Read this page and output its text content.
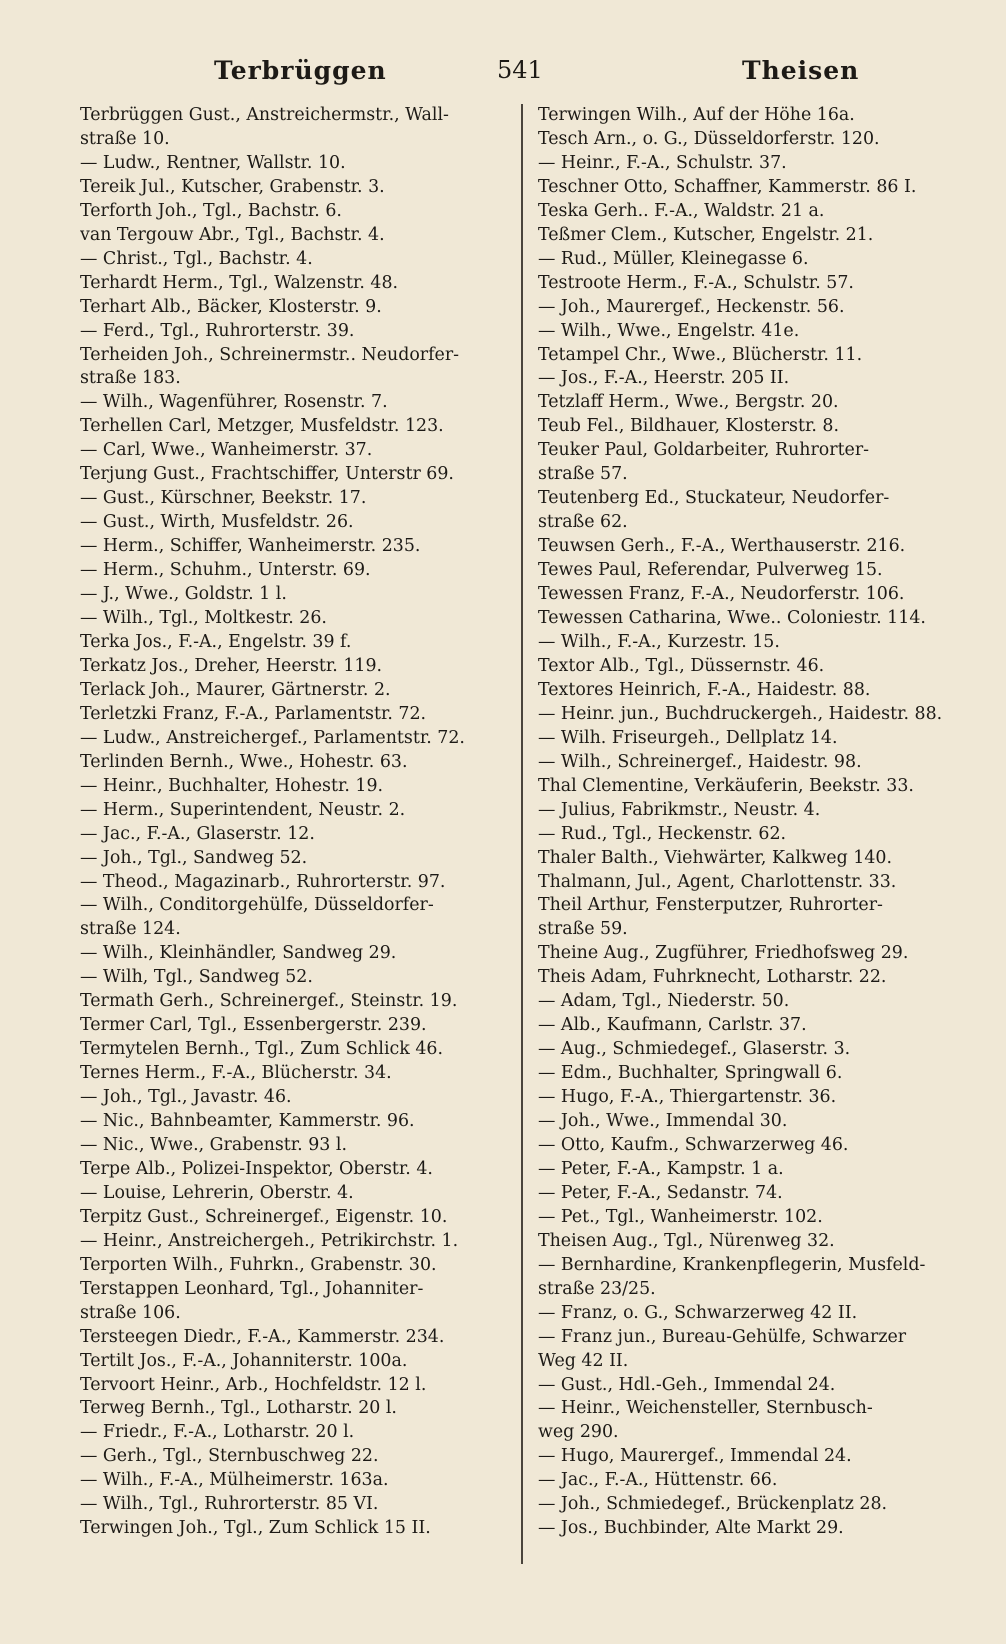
Terbrüggen	541	Theisen
Terbrüggen Gust., Anstreichermstr., Wall-
straße 10.
— Ludw., Rentner, Wallstr. 10.
Tereik Jul., Kutscher, Grabenstr. 3.
Terforth Joh., Tgl., Bachstr. 6.
van Tergouw Abr., Tgl., Bachstr. 4.
— Christ., Tgl., Bachstr. 4.
Terhardt Herm., Tgl., Walzenstr. 48.
Terhart Alb., Bäcker, Klosterstr. 9.
— Ferd., Tgl., Ruhrorterstr. 39.
Terheiden Joh., Schreinermstr.. Neudorfer-
straße 183.
— Wilh., Wagenführer, Rosenstr. 7.
Terhellen Carl, Metzger, Musfeldstr. 123.
— Carl, Wwe., Wanheimerstr. 37.
Terjung Gust., Frachtschiffer, Unterstr 69.
— Gust., Kürschner, Beekstr. 17.
— Gust., Wirth, Musfeldstr. 26.
— Herm., Schiffer, Wanheimerstr. 235.
— Herm., Schuhm., Unterstr. 69.
— J., Wwe., Goldstr. 1 l.
— Wilh., Tgl., Moltkestr. 26.
Terka Jos., F.-A., Engelstr. 39 f.
Terkatz Jos., Dreher, Heerstr. 119.
Terlack Joh., Maurer, Gärtnerstr. 2.
Terletzki Franz, F.-A., Parlamentstr. 72.
— Ludw., Anstreichergef., Parlamentstr. 72.
Terlinden Bernh., Wwe., Hohestr. 63.
— Heinr., Buchhalter, Hohestr. 19.
— Herm., Superintendent, Neustr. 2.
— Jac., F.-A., Glaserstr. 12.
— Joh., Tgl., Sandweg 52.
— Theod., Magazinarb., Ruhrorterstr. 97.
— Wilh., Conditorgehülfe, Düsseldorfer-
straße 124.
— Wilh., Kleinhändler, Sandweg 29.
— Wilh, Tgl., Sandweg 52.
Termath Gerh., Schreinergef., Steinstr. 19.
Termer Carl, Tgl., Essenbergerstr. 239.
Termytelen Bernh., Tgl., Zum Schlick 46.
Ternes Herm., F.-A., Blücherstr. 34.
— Joh., Tgl., Javastr. 46.
— Nic., Bahnbeamter, Kammerstr. 96.
— Nic., Wwe., Grabenstr. 93 l.
Terpe Alb., Polizei-Inspektor, Oberstr. 4.
— Louise, Lehrerin, Oberstr. 4.
Terpitz Gust., Schreinergef., Eigenstr. 10.
— Heinr., Anstreichergeh., Petrikirchstr. 1.
Terporten Wilh., Fuhrkn., Grabenstr. 30.
Terstappen Leonhard, Tgl., Johanniter-
straße 106.
Tersteegen Diedr., F.-A., Kammerstr. 234.
Tertilt Jos., F.-A., Johanniterstr. 100a.
Tervoort Heinr., Arb., Hochfeldstr. 12 l.
Terweg Bernh., Tgl., Lotharstr. 20 l.
— Friedr., F.-A., Lotharstr. 20 l.
— Gerh., Tgl., Sternbuschweg 22.
— Wilh., F.-A., Mülheimerstr. 163a.
— Wilh., Tgl., Ruhrorterstr. 85 VI.
Terwingen Joh., Tgl., Zum Schlick 15 II.
Terwingen Wilh., Auf der Höhe 16a.
Tesch Arn., o. G., Düsseldorferstr. 120.
— Heinr., F.-A., Schulstr. 37.
Teschner Otto, Schaffner, Kammerstr. 86 I.
Teska Gerh.. F.-A., Waldstr. 21 a.
Teßmer Clem., Kutscher, Engelstr. 21.
— Rud., Müller, Kleinegasse 6.
Testroote Herm., F.-A., Schulstr. 57.
— Joh., Maurergef., Heckenstr. 56.
— Wilh., Wwe., Engelstr. 41e.
Tetampel Chr., Wwe., Blücherstr. 11.
— Jos., F.-A., Heerstr. 205 II.
Tetzlaff Herm., Wwe., Bergstr. 20.
Teub Fel., Bildhauer, Klosterstr. 8.
Teuker Paul, Goldarbeiter, Ruhrorter-
straße 57.
Teutenberg Ed., Stuckateur, Neudorfer-
straße 62.
Teuwsen Gerh., F.-A., Werthauserstr. 216.
Tewes Paul, Referendar, Pulverweg 15.
Tewessen Franz, F.-A., Neudorferstr. 106.
Tewessen Catharina, Wwe.. Coloniestr. 114.
— Wilh., F.-A., Kurzestr. 15.
Textor Alb., Tgl., Düssernstr. 46.
Textores Heinrich, F.-A., Haidestr. 88.
— Heinr. jun., Buchdruckergeh., Haidestr. 88.
— Wilh. Friseurgeh., Dellplatz 14.
— Wilh., Schreinergef., Haidestr. 98.
Thal Clementine, Verkäuferin, Beekstr. 33.
— Julius, Fabrikmstr., Neustr. 4.
— Rud., Tgl., Heckenstr. 62.
Thaler Balth., Viehwärter, Kalkweg 140.
Thalmann, Jul., Agent, Charlottenstr. 33.
Theil Arthur, Fensterputzer, Ruhrorter-
straße 59.
Theine Aug., Zugführer, Friedhofsweg 29.
Theis Adam, Fuhrknecht, Lotharstr. 22.
— Adam, Tgl., Niederstr. 50.
— Alb., Kaufmann, Carlstr. 37.
— Aug., Schmiedegef., Glaserstr. 3.
— Edm., Buchhalter, Springwall 6.
— Hugo, F.-A., Thiergartenstr. 36.
— Joh., Wwe., Immendal 30.
— Otto, Kaufm., Schwarzerweg 46.
— Peter, F.-A., Kampstr. 1 a.
— Peter, F.-A., Sedanstr. 74.
— Pet., Tgl., Wanheimerstr. 102.
Theisen Aug., Tgl., Nürenweg 32.
— Bernhardine, Krankenpflegerin, Musfeld-
straße 23/25.
— Franz, o. G., Schwarzerweg 42 II.
— Franz jun., Bureau-Gehülfe, Schwarzer
Weg 42 II.
— Gust., Hdl.-Geh., Immendal 24.
— Heinr., Weichensteller, Sternbusch-
weg 290.
— Hugo, Maurergef., Immendal 24.
— Jac., F.-A., Hüttenstr. 66.
— Joh., Schmiedegef., Brückenplatz 28.
— Jos., Buchbinder, Alte Markt 29.
